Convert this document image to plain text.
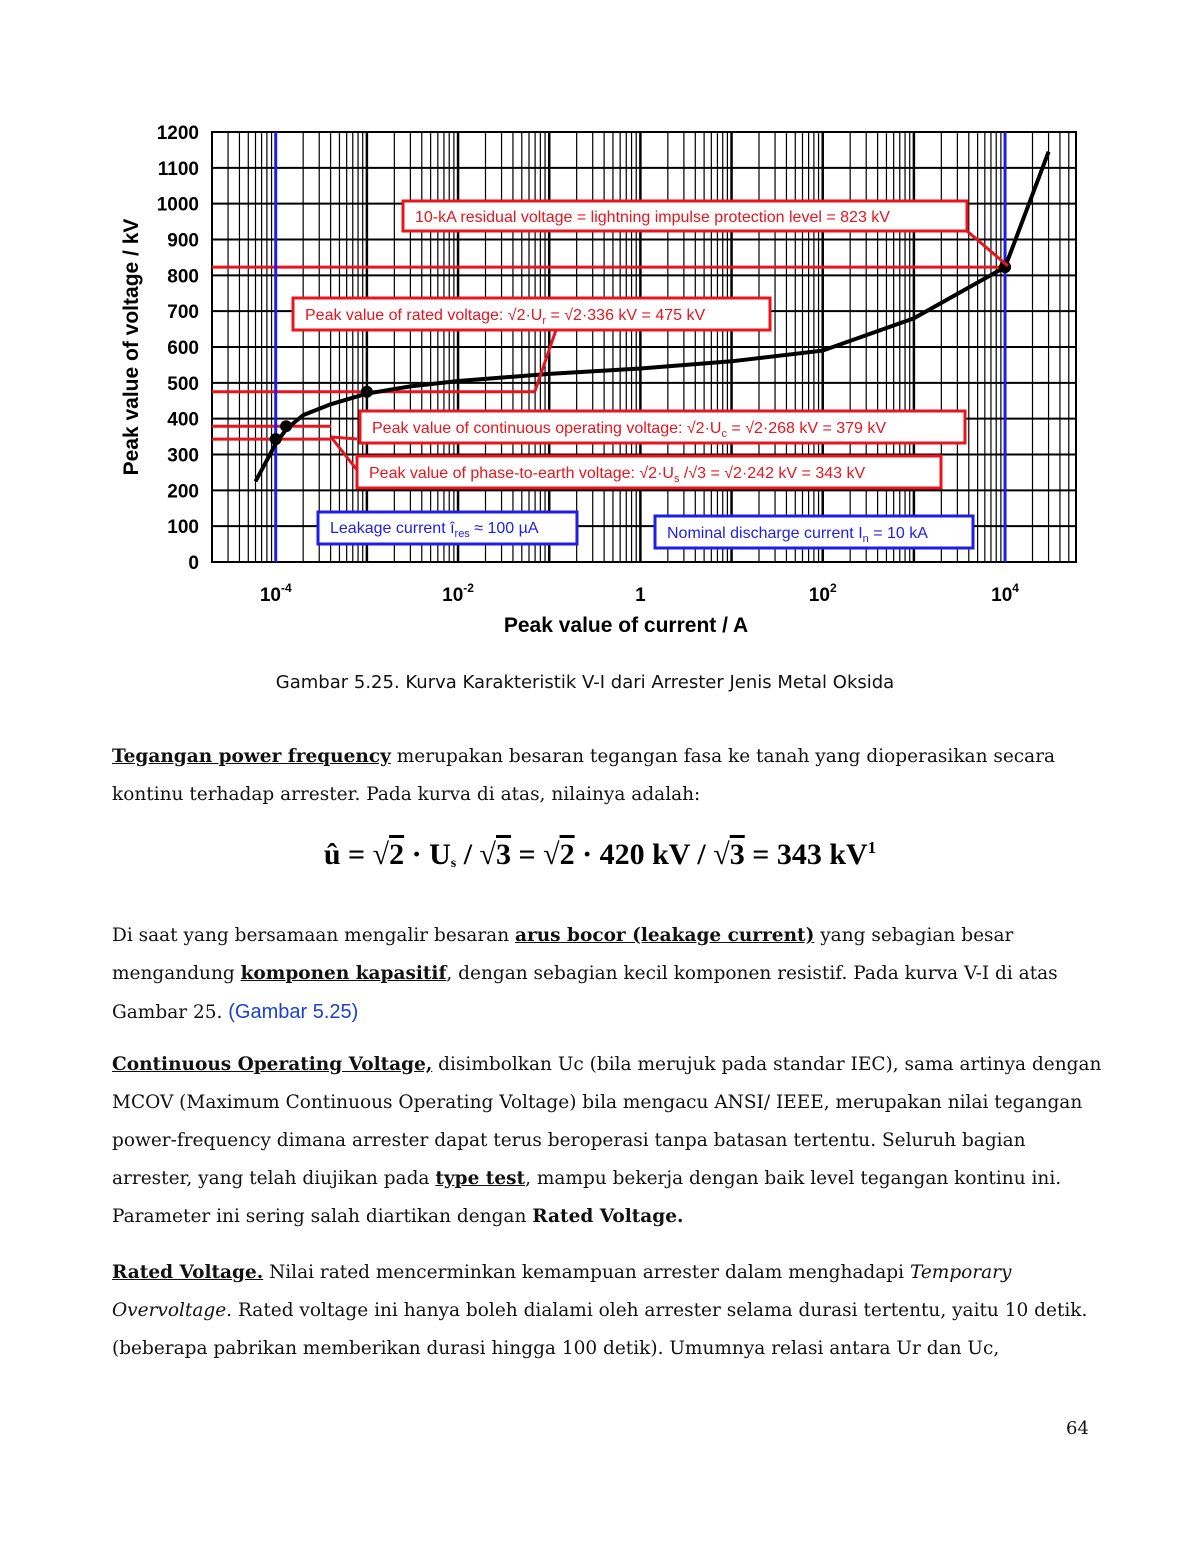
0
100
200
300
400
500
600
700
800
900
1000
1100
1200
$10^{-4}$	$10^{-2}$	1	$10^2$	$10^4$
Peak value of voltage / kV
Peak value of current / A
10-kA residual voltage = lightning impulse protection level = 823 kV
Peak value of rated voltage: $√2\cdot U_r = √2\cdot 336$ kV = 475 kV
Peak value of continuous operating voltage: $√2\cdot U_c = √2\cdot 268$ kV = 379 kV
Peak value of phase-to-earth voltage: $√2\cdot U_s$ /√3 = √2·242 kV = 343 kV
Leakage current $î_{res} \approx 100$ µA	Nominal discharge current $I_n = 10$ kA
Gambar 5.25. Kurva Karakteristik V-I dari Arrester Jenis Metal Oksida

Tegangan power frequency merupakan besaran tegangan fasa ke tanah yang dioperasikan secara kontinu terhadap arrester. Pada kurva di atas, nilainya adalah:

û = $√2 \cdot U_s / √3 = √2 \cdot 420$ kV / √3 = 343 $kV^1$

Di saat yang bersamaan mengalir besaran arus bocor (leakage current) yang sebagian besar mengandung komponen kapasitif, dengan sebagian kecil komponen resistif. Pada kurva V-I di atas Gambar 25. (Gambar 5.25)

Continuous Operating Voltage, disimbolkan Uc (bila merujuk pada standar IEC), sama artinya dengan MCOV (Maximum Continuous Operating Voltage) bila mengacu ANSI/ IEEE, merupakan nilai tegangan power-frequency dimana arrester dapat terus beroperasi tanpa batasan tertentu. Seluruh bagian arrester, yang telah diujikan pada type test, mampu bekerja dengan baik level tegangan kontinu ini. Parameter ini sering salah diartikan dengan Rated Voltage.

Rated Voltage. Nilai rated mencerminkan kemampuan arrester dalam menghadapi Temporary Overvoltage. Rated voltage ini hanya boleh dialami oleh arrester selama durasi tertentu, yaitu 10 detik. (beberapa pabrikan memberikan durasi hingga 100 detik). Umumnya relasi antara Ur dan Uc,

64
